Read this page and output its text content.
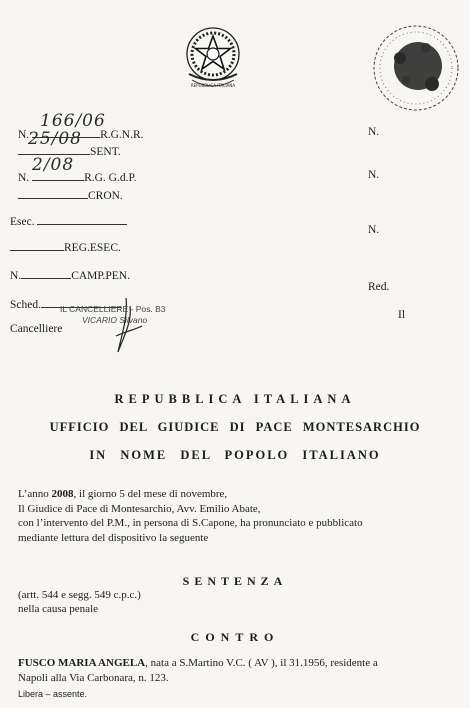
REPUBBLICA ITALIANA
N.	R.G.N.R.
166/06
SENT.
25/08
N.	R.G. G.d.P.
2/08
CRON.
Esec.
REG.ESEC.
N.	CAMP.PEN.
Sched.
Cancelliere
IL CANCELLIERE - Pos. B3
VICARIO Silvano
N.
N.
N.
Red.
Il
REPUBBLICA ITALIANA
UFFICIO DEL GIUDICE DI PACE MONTESARCHIO
IN NOME DEL POPOLO ITALIANO
L’anno 2008, il giorno 5 del mese di novembre,
Il Giudice di Pace di Montesarchio, Avv. Emilio Abate,
con l’intervento del P.M., in persona di S.Capone, ha pronunciato e pubblicato
mediante lettura del dispositivo la seguente
SENTENZA
(artt. 544 e segg. 549 c.p.c.)
nella causa penale
CONTRO
FUSCO MARIA ANGELA, nata a S.Martino V.C. ( AV ), il 31.1956, residente a
Napoli alla Via Carbonara, n. 123.
Libera – assente.
